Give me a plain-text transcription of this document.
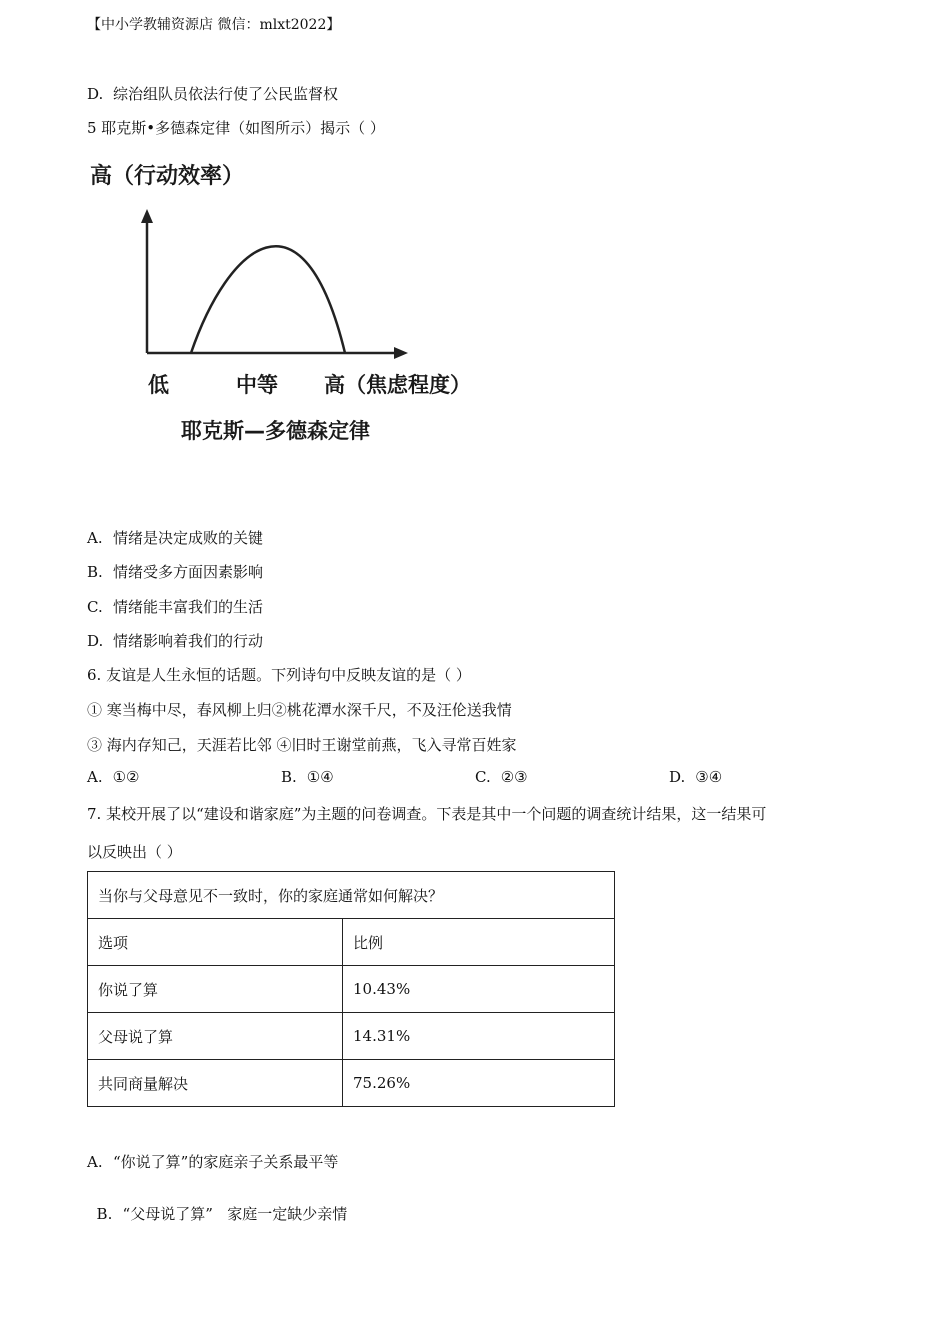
【中小学教辅资源店 微信：mlxt2022】
D. 综治组队员依法行使了公民监督权
5 耶克斯•多德森定律（如图所示）揭示（ ）
高（行动效率）
低	中等 高（焦虑程度）
耶克斯—多德森定律
A. 情绪是决定成败的关键
B. 情绪受多方面因素影响
C. 情绪能丰富我们的生活
D. 情绪影响着我们的行动
6. 友谊是人生永恒的话题。下列诗句中反映友谊的是（ ）
① 寒当梅中尽，春风柳上归②桃花潭水深千尺，不及汪伦送我情
③ 海内存知己，天涯若比邻 ④旧时王谢堂前燕，飞入寻常百姓家
A. ①②	B. ①④	C. ②③	D. ③④
7. 某校开展了以“建设和谐家庭”为主题的问卷调查。下表是其中一个问题的调查统计结果，这一结果可
以反映出（ ）
当你与父母意见不一致时，你的家庭通常如何解决？	
选项	比例
你说了算	10.43%
父母说了算	14.31%
共同商量解决	75.26%
A. “你说了算”的家庭亲子关系最平等

B. “父母说了算”   家庭一定缺少亲情
